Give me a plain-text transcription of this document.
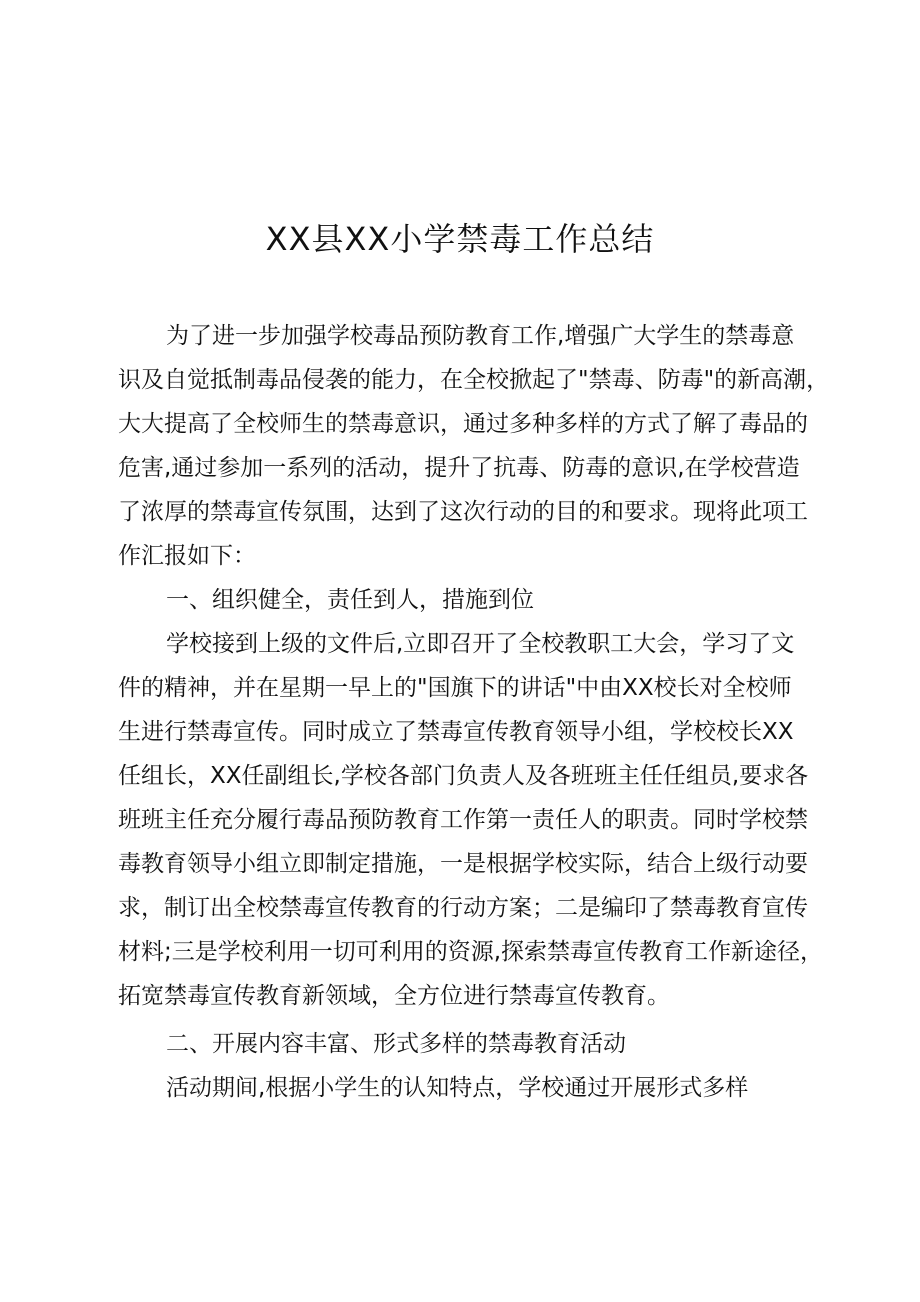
XX县XX小学禁毒工作总结
为了进一步加强学校毒品预防教育工作,增强广大学生的禁毒意
识及自觉抵制毒品侵袭的能力，在全校掀起了"禁毒、防毒"的新高潮，
大大提高了全校师生的禁毒意识，通过多种多样的方式了解了毒品的
危害,通过参加一系列的活动，提升了抗毒、防毒的意识,在学校营造
了浓厚的禁毒宣传氛围，达到了这次行动的目的和要求。现将此项工
作汇报如下：
一、组织健全，责任到人，措施到位
学校接到上级的文件后,立即召开了全校教职工大会，学习了文
件的精神，并在星期一早上的"国旗下的讲话"中由XX校长对全校师
生进行禁毒宣传。同时成立了禁毒宣传教育领导小组，学校校长XX
任组长，XX任副组长,学校各部门负责人及各班班主任任组员,要求各
班班主任充分履行毒品预防教育工作第一责任人的职责。同时学校禁
毒教育领导小组立即制定措施，一是根据学校实际，结合上级行动要
求，制订出全校禁毒宣传教育的行动方案；二是编印了禁毒教育宣传
材料;三是学校利用一切可利用的资源,探索禁毒宣传教育工作新途径，
拓宽禁毒宣传教育新领域，全方位进行禁毒宣传教育。
二、开展内容丰富、形式多样的禁毒教育活动
活动期间,根据小学生的认知特点，学校通过开展形式多样
